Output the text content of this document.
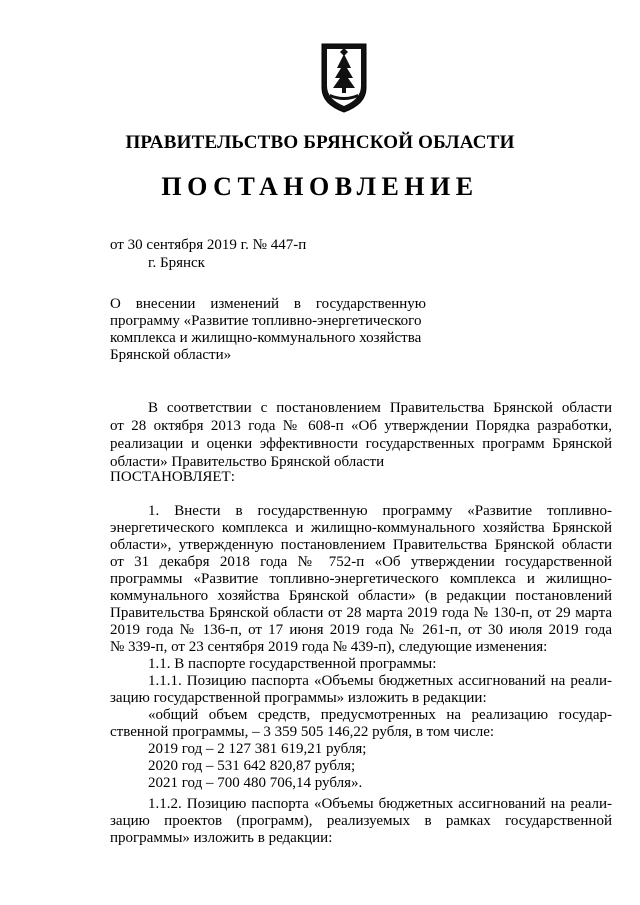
ПРАВИТЕЛЬСТВО БРЯНСКОЙ ОБЛАСТИ
ПОСТАНОВЛЕНИЕ
от 30 сентября 2019 г. № 447-п
г. Брянск
О внесении изменений в государственную
программу «Развитие топливно-энергетического
комплекса и жилищно-коммунального хозяйства
Брянской области»
В соответствии с постановлением Правительства Брянской области
от 28 октября 2013 года № 608-п «Об утверждении Порядка разработки,
реализации и оценки эффективности государственных программ Брянской
области» Правительство Брянской области
ПОСТАНОВЛЯЕТ:
1. Внести в государственную программу «Развитие топливно-
энергетического комплекса и жилищно-коммунального хозяйства Брянской
области», утвержденную постановлением Правительства Брянской области
от 31 декабря 2018 года № 752-п «Об утверждении государственной
программы «Развитие топливно-энергетического комплекса и жилищно-
коммунального хозяйства Брянской области» (в редакции постановлений
Правительства Брянской области от 28 марта 2019 года № 130-п, от 29 марта
2019 года № 136-п, от 17 июня 2019 года № 261-п, от 30 июля 2019 года
№ 339-п, от 23 сентября 2019 года № 439-п), следующие изменения:
1.1. В паспорте государственной программы:
1.1.1. Позицию паспорта «Объемы бюджетных ассигнований на реали-
зацию государственной программы» изложить в редакции:
«общий объем средств, предусмотренных на реализацию государ-
ственной программы, – 3 359 505 146,22 рубля, в том числе:
2019 год – 2 127 381 619,21 рубля;
2020 год – 531 642 820,87 рубля;
2021 год – 700 480 706,14 рубля».
1.1.2. Позицию паспорта «Объемы бюджетных ассигнований на реали-
зацию проектов (программ), реализуемых в рамках государственной
программы» изложить в редакции:
